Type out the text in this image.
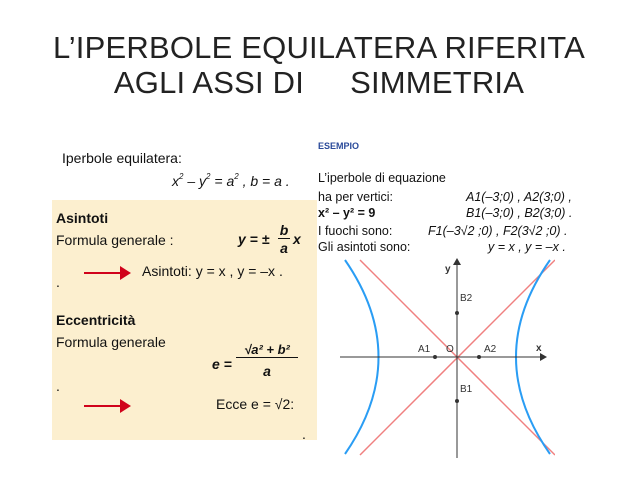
L’IPERBOLE EQUILATERA RIFERITA
AGLI ASSI DI SIMMETRIA
Iperbole equilatera:
$x^2 - y^2 = a^2$ , b = a .
Asintoti
Formula generale :	y = ±
b
a
x
.
Asintoti: y = x , y = –x .
Eccentricità
Formula generale
e =
√a² + b²
a
.
Ecce e = √2:
.
ESEMPIO
L’iperbole di equazione
ha per vertici:	A1(–3;0) , A2(3;0) ,
x² – y² = 9	B1(–3;0) , B2(3;0) .
I fuochi sono:	F1(–3√2 ;0) , F2(3√2 ;0) .
Gli asintoti sono:	y = x , y = –x .
x
y
O
A1	A2
B2
B1
